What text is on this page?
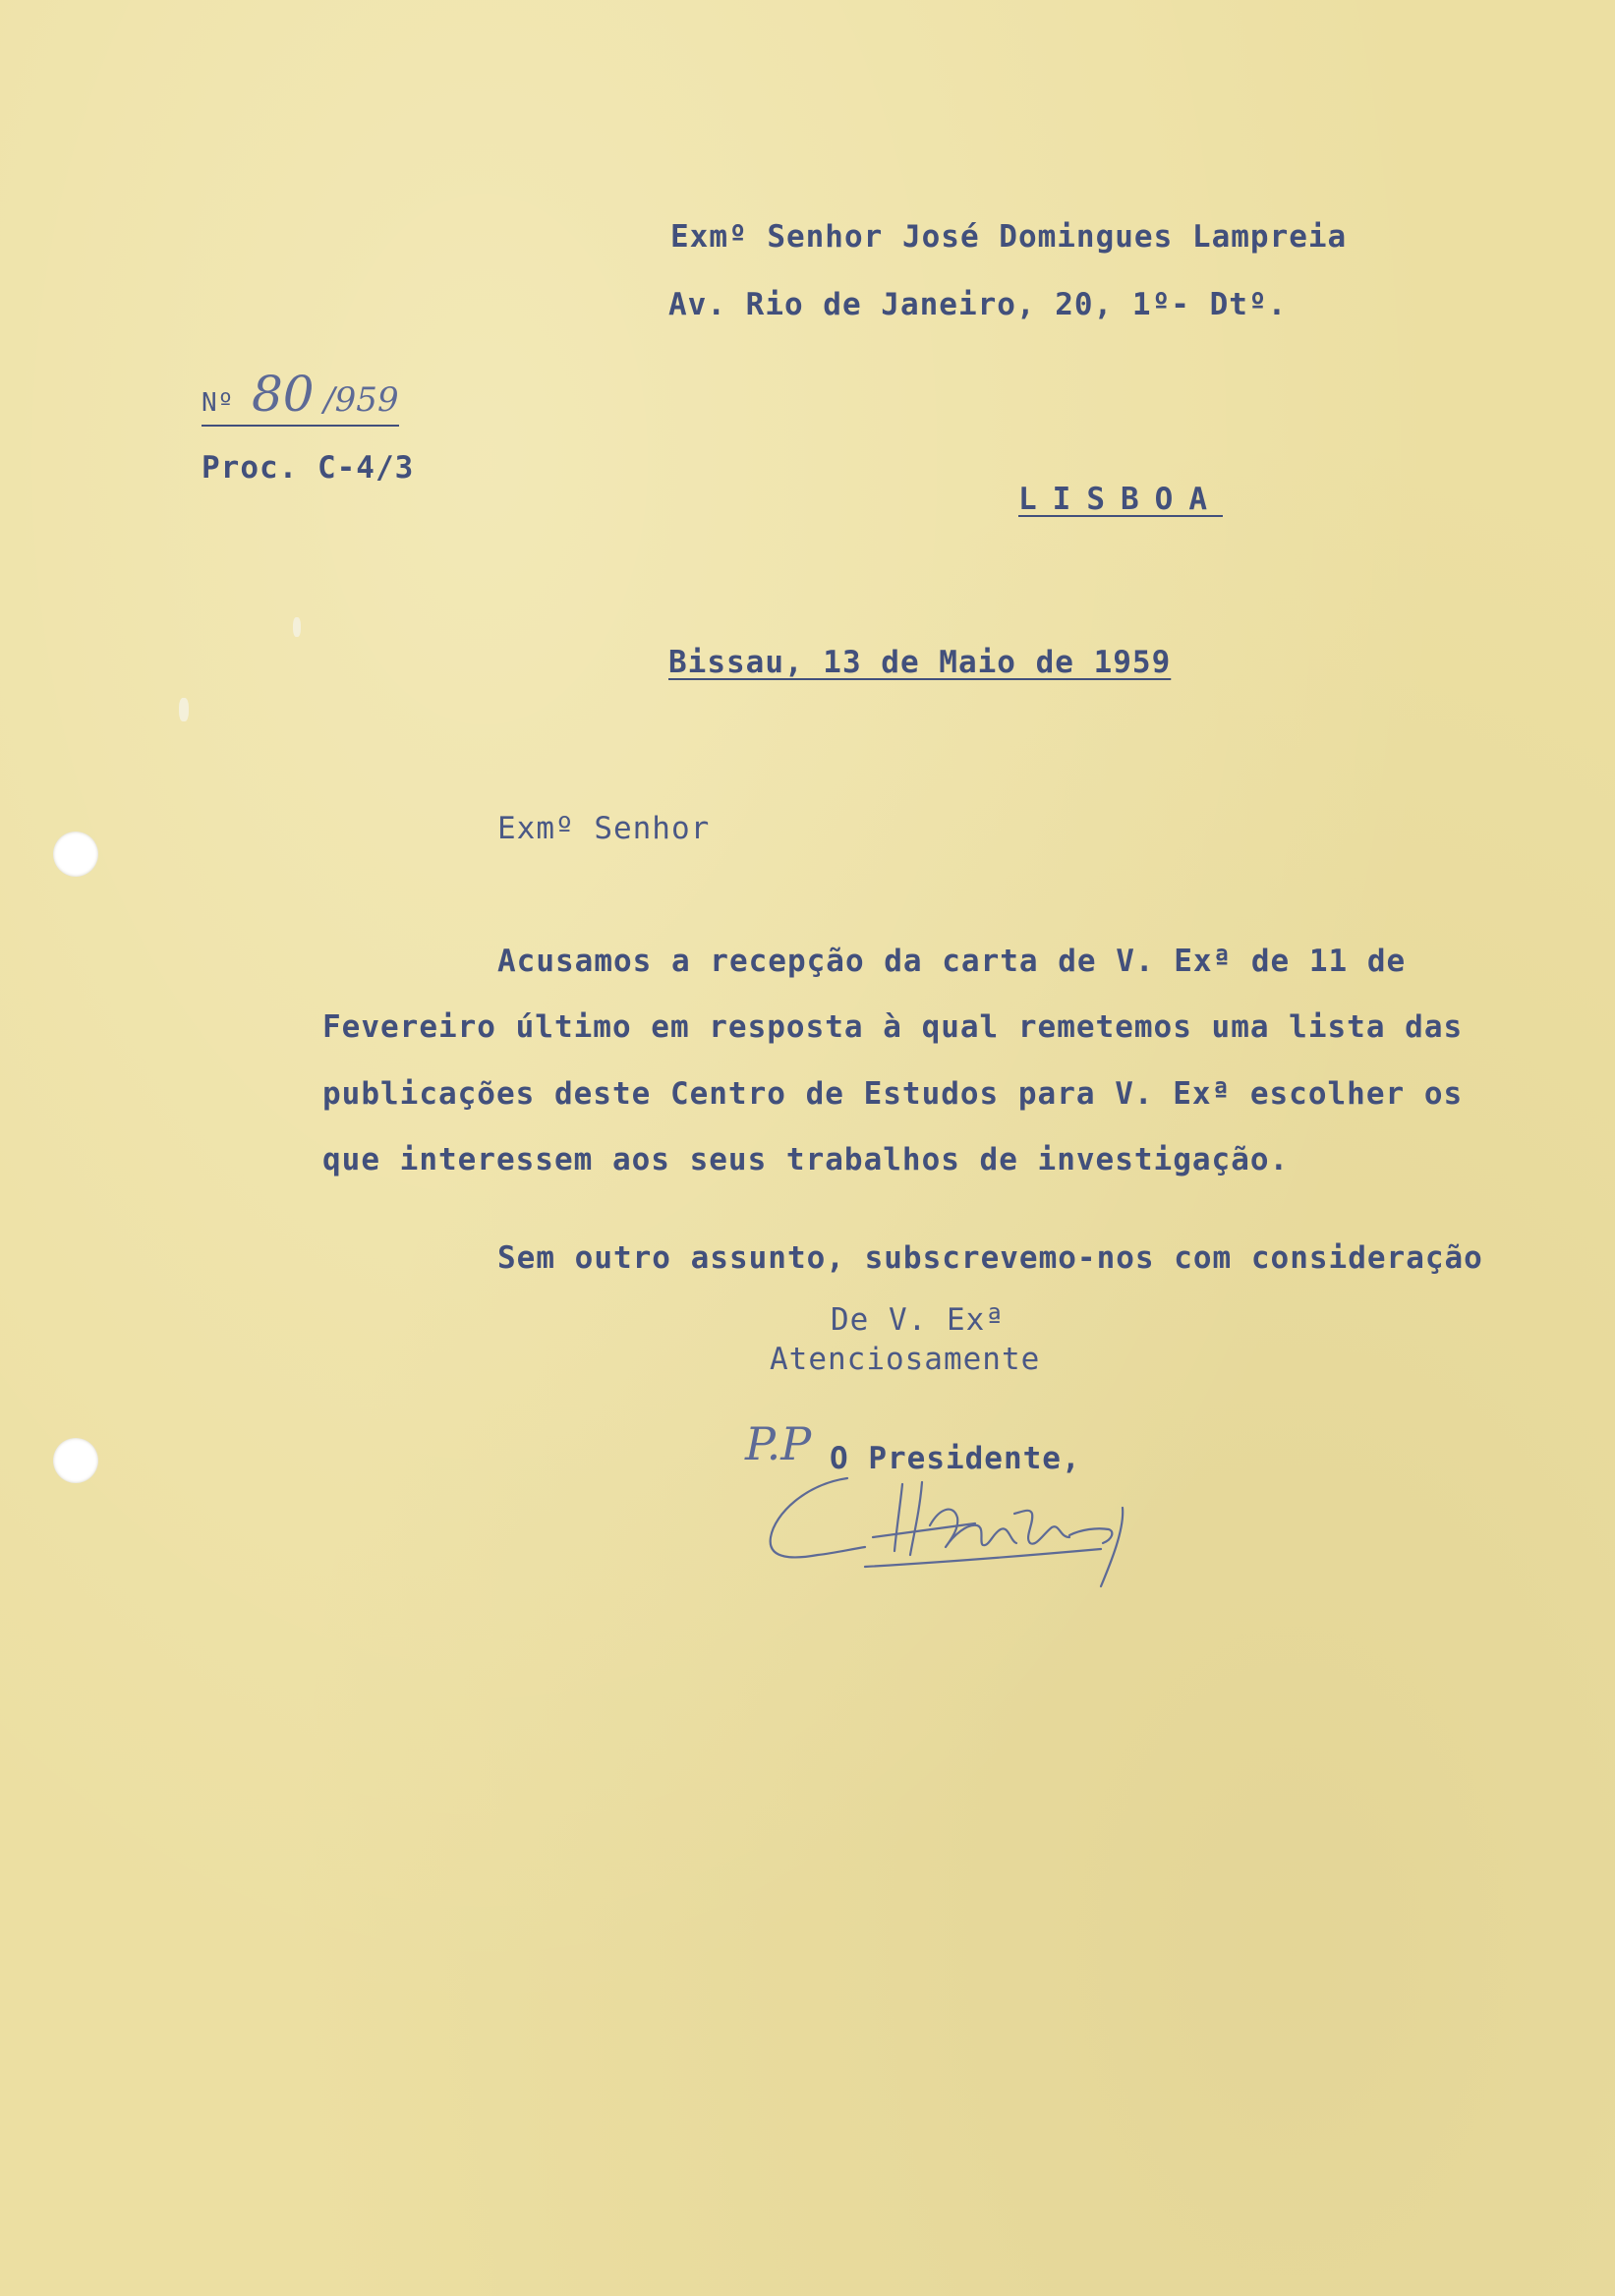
Exmº Senhor José Domingues Lampreia
Av. Rio de Janeiro, 20, 1º- Dtº.
Nº 80 /959
Proc. C-4/3
LISBOA
Bissau, 13 de Maio de 1959
Exmº Senhor
Acusamos a recepção da carta de V. Exª de 11 de
Fevereiro último em resposta à qual remetemos uma lista das
publicações deste Centro de Estudos para V. Exª escolher os
que interessem aos seus trabalhos de investigação.
Sem outro assunto, subscrevemo-nos com consideração
De V. Exª
Atenciosamente
P.P O Presidente,
